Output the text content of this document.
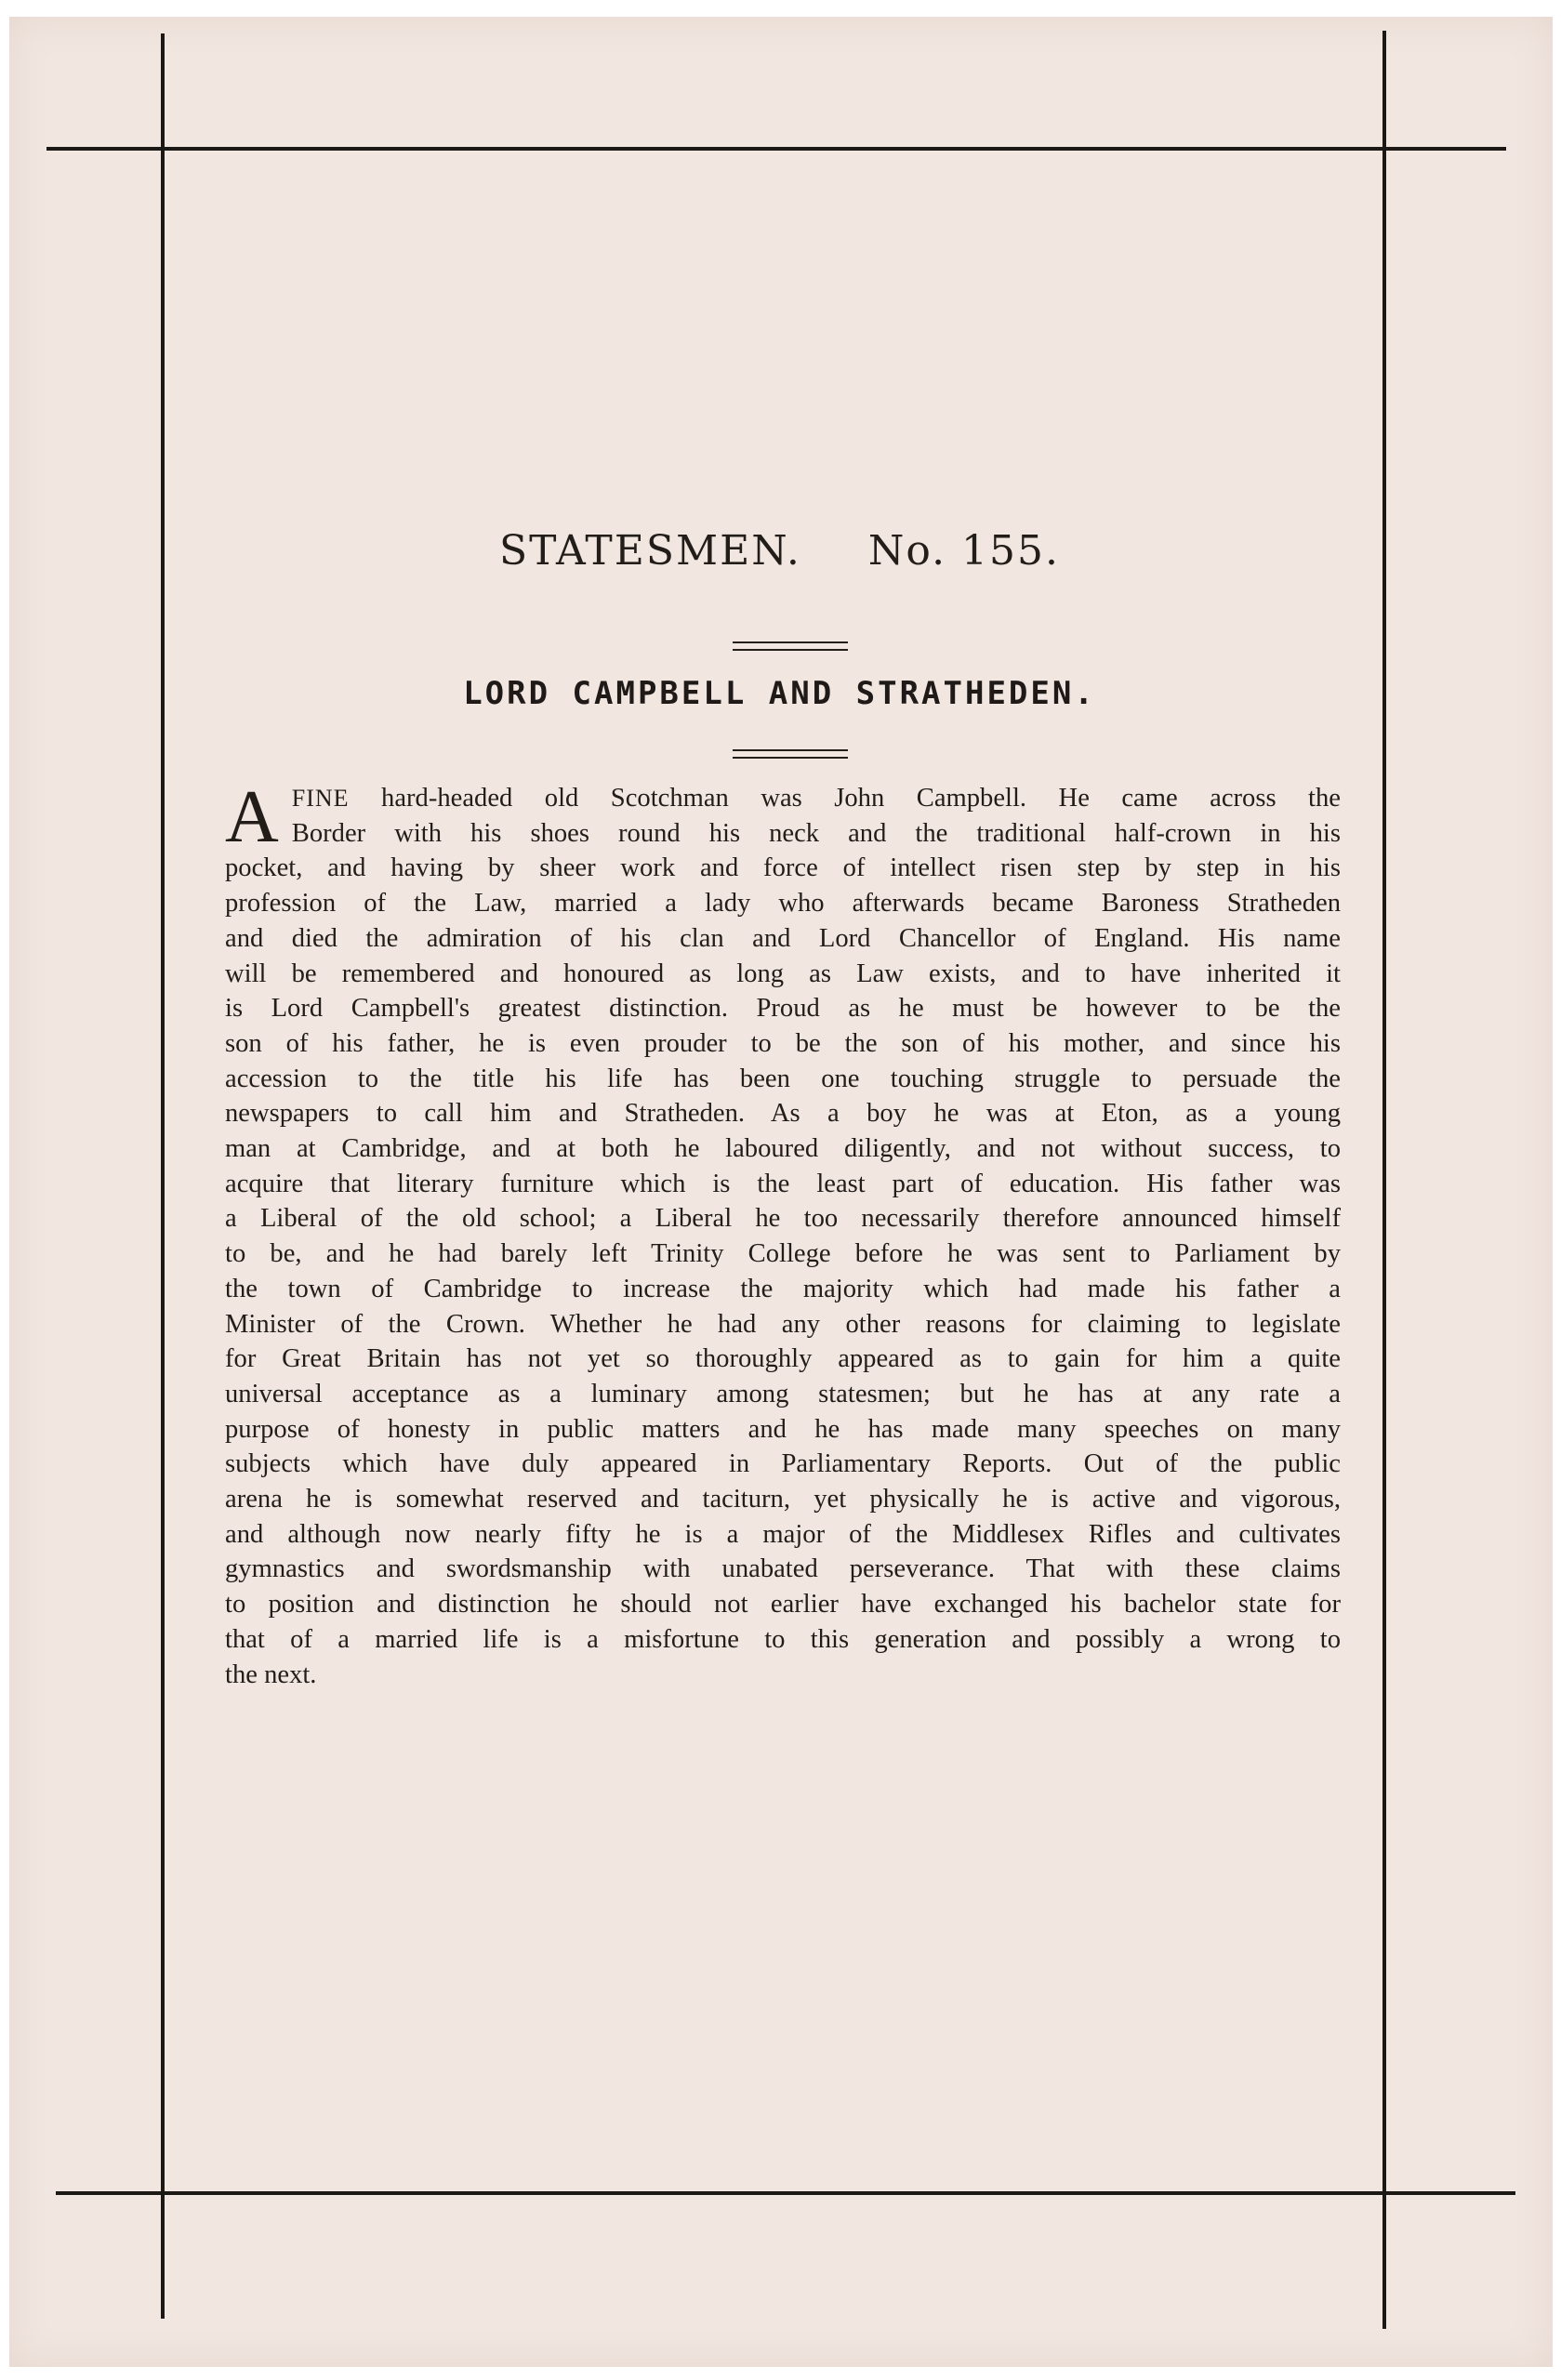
STATESMEN. No. 155.
LORD CAMPBELL AND STRATHEDEN.
A FINE hard-headed old Scotchman was John Campbell. He came across the
Border with his shoes round his neck and the traditional half-crown in his
pocket, and having by sheer work and force of intellect risen step by step in his
profession of the Law, married a lady who afterwards became Baroness Stratheden
and died the admiration of his clan and Lord Chancellor of England. His name
will be remembered and honoured as long as Law exists, and to have inherited it
is Lord Campbell's greatest distinction. Proud as he must be however to be the
son of his father, he is even prouder to be the son of his mother, and since his
accession to the title his life has been one touching struggle to persuade the
newspapers to call him and Stratheden. As a boy he was at Eton, as a young
man at Cambridge, and at both he laboured diligently, and not without success, to
acquire that literary furniture which is the least part of education. His father was
a Liberal of the old school; a Liberal he too necessarily therefore announced himself
to be, and he had barely left Trinity College before he was sent to Parliament by
the town of Cambridge to increase the majority which had made his father a
Minister of the Crown. Whether he had any other reasons for claiming to legislate
for Great Britain has not yet so thoroughly appeared as to gain for him a quite
universal acceptance as a luminary among statesmen; but he has at any rate a
purpose of honesty in public matters and he has made many speeches on many
subjects which have duly appeared in Parliamentary Reports. Out of the public
arena he is somewhat reserved and taciturn, yet physically he is active and vigorous,
and although now nearly fifty he is a major of the Middlesex Rifles and cultivates
gymnastics and swordsmanship with unabated perseverance. That with these claims
to position and distinction he should not earlier have exchanged his bachelor state for
that of a married life is a misfortune to this generation and possibly a wrong to
the next.
